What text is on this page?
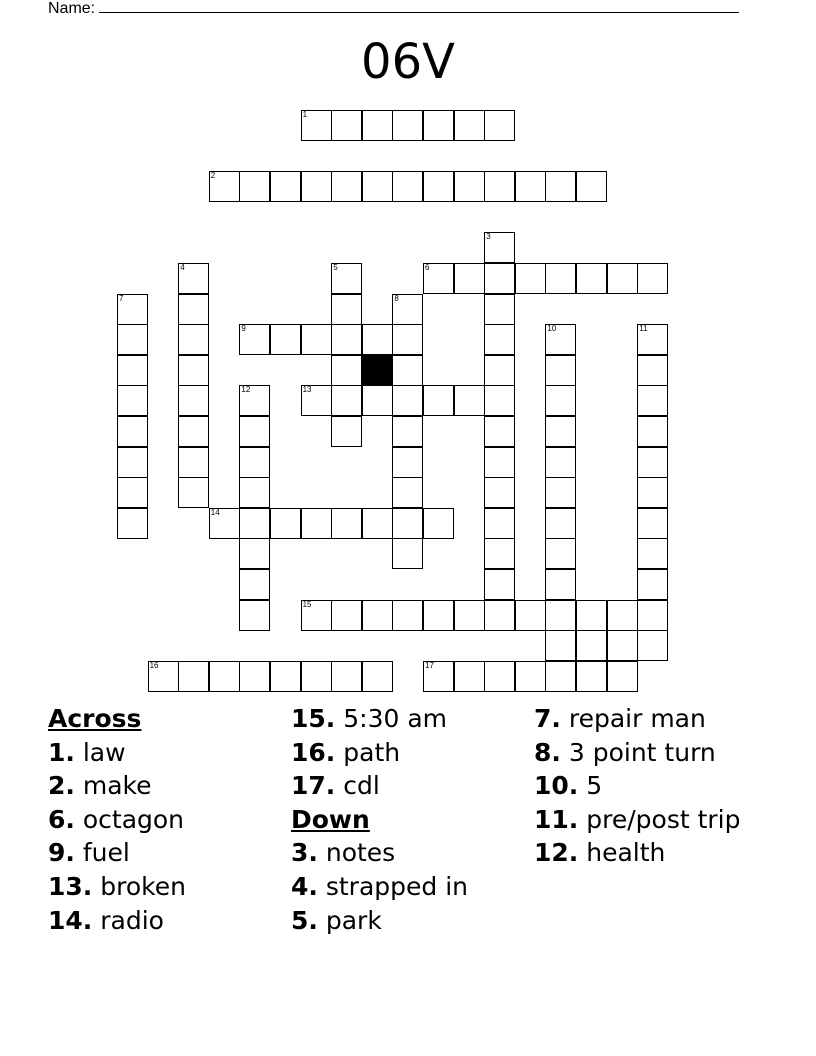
Name:
06V
1
2
3
4	5	6
7	8
9	10	11
12	13
14
15
16	17
Across
1. law
2. make
6. octagon
9. fuel
13. broken
14. radio
15. 5:30 am
16. path
17. cdl
Down
3. notes
4. strapped in
5. park
7. repair man
8. 3 point turn
10. 5
11. pre/post trip
12. health
